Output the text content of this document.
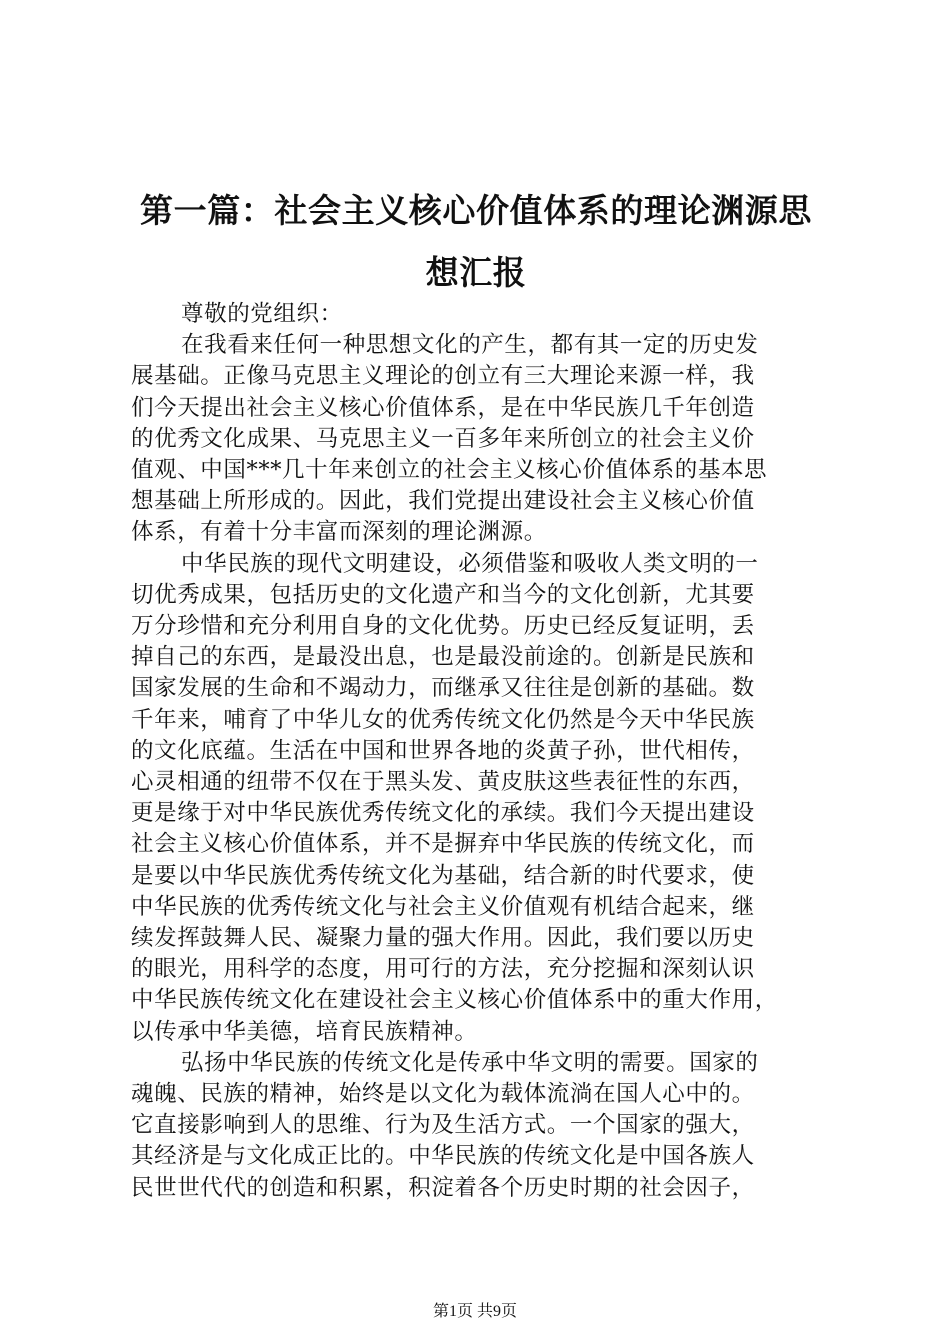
第一篇：社会主义核心价值体系的理论渊源思
想汇报
尊敬的党组织：
在我看来任何一种思想文化的产生，都有其一定的历史发
展基础。正像马克思主义理论的创立有三大理论来源一样，我
们今天提出社会主义核心价值体系，是在中华民族几千年创造
的优秀文化成果、马克思主义一百多年来所创立的社会主义价
值观、中国***几十年来创立的社会主义核心价值体系的基本思
想基础上所形成的。因此，我们党提出建设社会主义核心价值
体系，有着十分丰富而深刻的理论渊源。
中华民族的现代文明建设，必须借鉴和吸收人类文明的一
切优秀成果，包括历史的文化遗产和当今的文化创新，尤其要
万分珍惜和充分利用自身的文化优势。历史已经反复证明，丢
掉自己的东西，是最没出息，也是最没前途的。创新是民族和
国家发展的生命和不竭动力，而继承又往往是创新的基础。数
千年来，哺育了中华儿女的优秀传统文化仍然是今天中华民族
的文化底蕴。生活在中国和世界各地的炎黄子孙，世代相传，
心灵相通的纽带不仅在于黑头发、黄皮肤这些表征性的东西，
更是缘于对中华民族优秀传统文化的承续。我们今天提出建设
社会主义核心价值体系，并不是摒弃中华民族的传统文化，而
是要以中华民族优秀传统文化为基础，结合新的时代要求，使
中华民族的优秀传统文化与社会主义价值观有机结合起来，继
续发挥鼓舞人民、凝聚力量的强大作用。因此，我们要以历史
的眼光，用科学的态度，用可行的方法，充分挖掘和深刻认识
中华民族传统文化在建设社会主义核心价值体系中的重大作用，
以传承中华美德，培育民族精神。
弘扬中华民族的传统文化是传承中华文明的需要。国家的
魂魄、民族的精神，始终是以文化为载体流淌在国人心中的。
它直接影响到人的思维、行为及生活方式。一个国家的强大，
其经济是与文化成正比的。中华民族的传统文化是中国各族人
民世世代代的创造和积累，积淀着各个历史时期的社会因子，
第1页 共9页
